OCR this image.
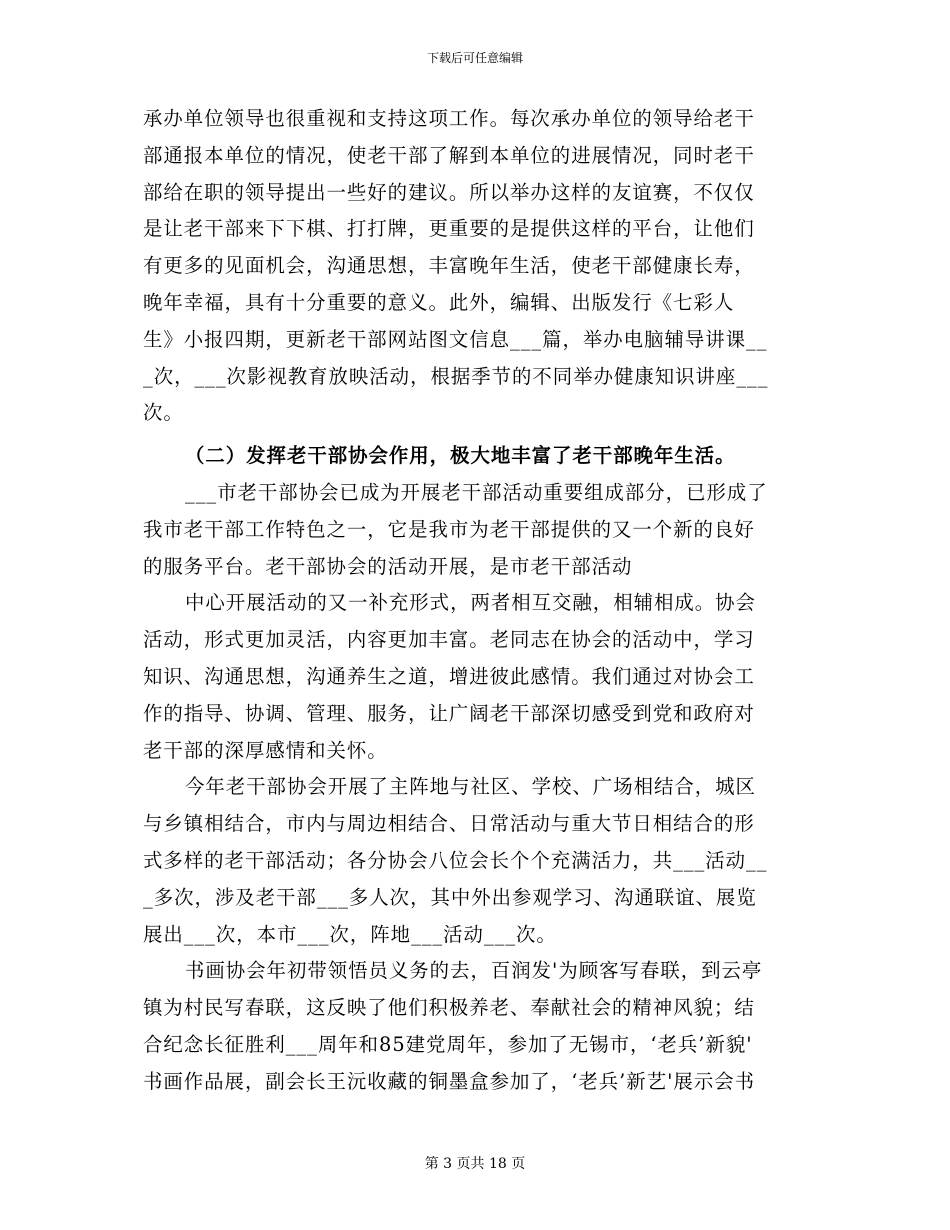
下载后可任意编辑

承办单位领导也很重视和支持这项工作。每次承办单位的领导给老干

部通报本单位的情况，使老干部了解到本单位的进展情况，同时老干

部给在职的领导提出一些好的建议。所以举办这样的友谊赛，不仅仅

是让老干部来下下棋、打打牌，更重要的是提供这样的平台，让他们

有更多的见面机会，沟通思想，丰富晚年生活，使老干部健康长寿，

晚年幸福，具有十分重要的意义。此外，编辑、出版发行《七彩人

生》小报四期，更新老干部网站图文信息___篇，举办电脑辅导讲课__

_次，___次影视教育放映活动，根据季节的不同举办健康知识讲座___

次。

（二）发挥老干部协会作用，极大地丰富了老干部晚年生活。

___市老干部协会已成为开展老干部活动重要组成部分，已形成了

我市老干部工作特色之一，它是我市为老干部提供的又一个新的良好

的服务平台。老干部协会的活动开展，是市老干部活动

中心开展活动的又一补充形式，两者相互交融，相辅相成。协会

活动，形式更加灵活，内容更加丰富。老同志在协会的活动中，学习

知识、沟通思想，沟通养生之道，增进彼此感情。我们通过对协会工

作的指导、协调、管理、服务，让广阔老干部深切感受到党和政府对

老干部的深厚感情和关怀。

今年老干部协会开展了主阵地与社区、学校、广场相结合，城区

与乡镇相结合，市内与周边相结合、日常活动与重大节日相结合的形

式多样的老干部活动；各分协会八位会长个个充满活力，共___活动__

_多次，涉及老干部___多人次，其中外出参观学习、沟通联谊、展览

展出___次，本市___次，阵地___活动___次。

书画协会年初带领悟员义务的去，百润发'为顾客写春联，到云亭

镇为村民写春联，这反映了他们积极养老、奉献社会的精神风貌；结

合纪念长征胜利___周年和85建党周年，参加了无锡市，‘老兵’新貌'

书画作品展，副会长王沅收藏的铜墨盒参加了，‘老兵’新艺'展示会书

第 3 页共 18 页
